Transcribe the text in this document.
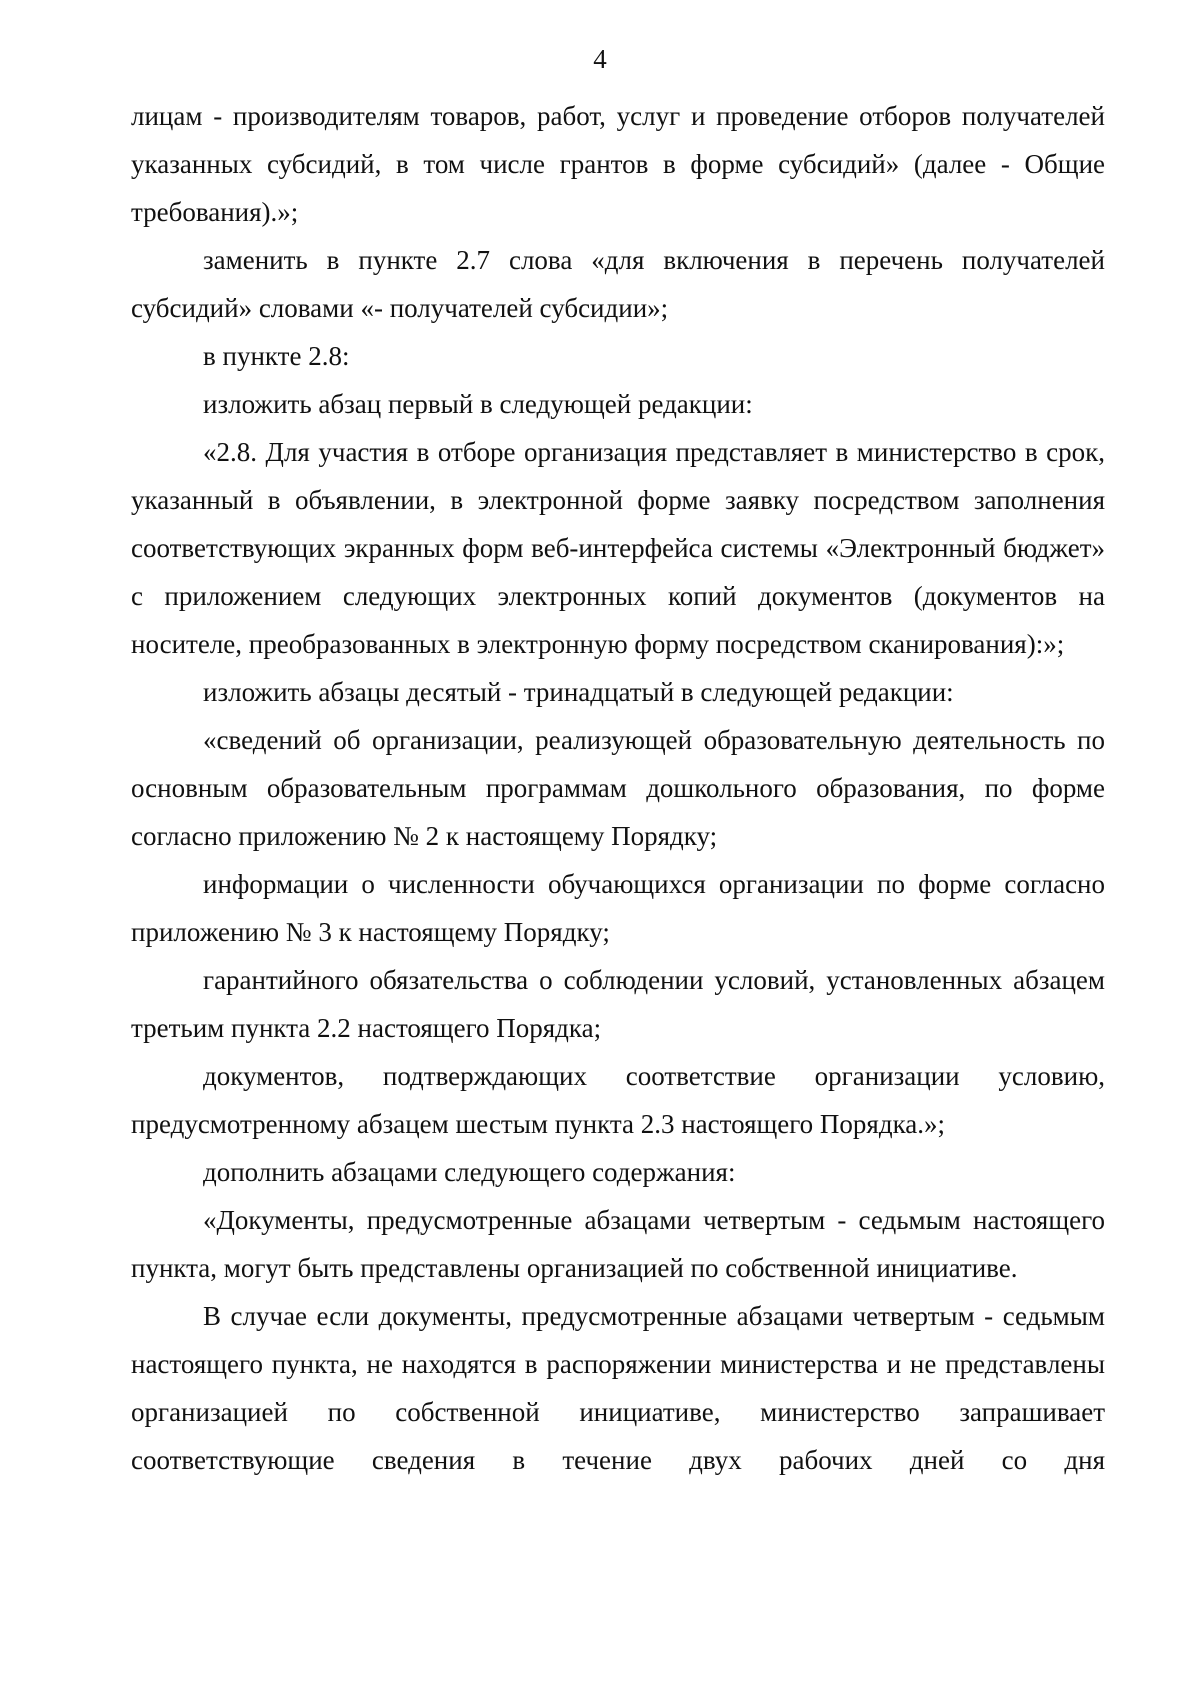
4

лицам - производителям товаров, работ, услуг и проведение отборов получателей указанных субсидий, в том числе грантов в форме субсидий» (далее - Общие требования).»;

заменить в пункте 2.7 слова «для включения в перечень получателей субсидий» словами «- получателей субсидии»;

в пункте 2.8:

изложить абзац первый в следующей редакции:

«2.8. Для участия в отборе организация представляет в министерство в срок, указанный в объявлении, в электронной форме заявку посредством заполнения соответствующих экранных форм веб-интерфейса системы «Электронный бюджет» с приложением следующих электронных копий документов (документов на носителе, преобразованных в электронную форму посредством сканирования):»;

изложить абзацы десятый - тринадцатый в следующей редакции:

«сведений об организации, реализующей образовательную деятельность по основным образовательным программам дошкольного образования, по форме согласно приложению № 2 к настоящему Порядку;

информации о численности обучающихся организации по форме согласно приложению № 3 к настоящему Порядку;

гарантийного обязательства о соблюдении условий, установленных абзацем третьим пункта 2.2 настоящего Порядка;

документов, подтверждающих соответствие организации условию, предусмотренному абзацем шестым пункта 2.3 настоящего Порядка.»;

дополнить абзацами следующего содержания:

«Документы, предусмотренные абзацами четвертым - седьмым настоящего пункта, могут быть представлены организацией по собственной инициативе.

В случае если документы, предусмотренные абзацами четвертым - седьмым настоящего пункта, не находятся в распоряжении министерства и не представлены организацией по собственной инициативе, министерство запрашивает соответствующие сведения в течение двух рабочих дней со дня
